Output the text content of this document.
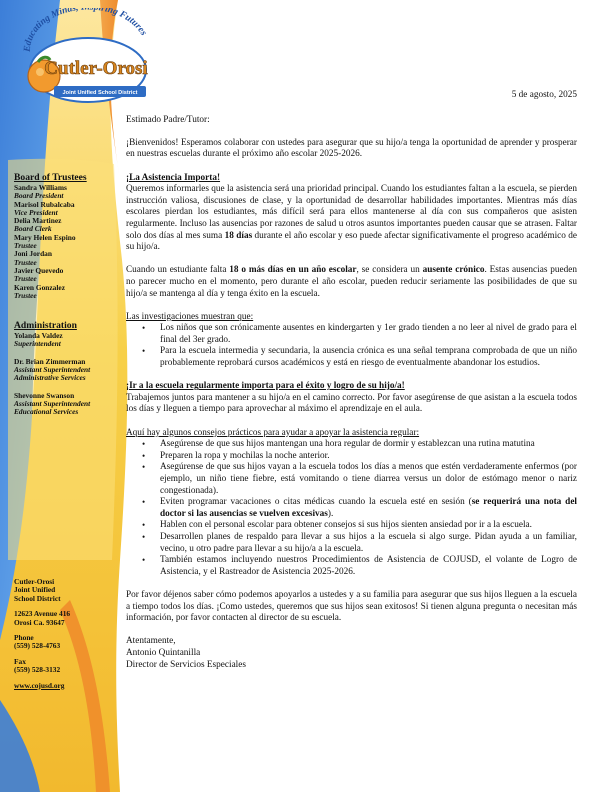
Educating Minds, iring Futures
Cutler-Orosi
Joint Unified School District
Board of Trustees
Sandra Williams
Board President
Marisol Rubalcaba
Vice President
Delia Martinez
Board Clerk
Mary Helen Espino
Trustee
Joni Jordan
Trustee
Javier Quevedo
Trustee
Karen Gonzalez
Trustee
Administration
Yolanda Valdez
Superintendent
Dr. Brian Zimmerman
Assistant Superintendent Administrative Services
Shevonne Swanson
Assistant Superintendent Educational Services
Cutler-Orosi
Joint Unified
School District
12623 Avenue 416
Orosi Ca. 93647
Phone
(559) 528-4763
Fax
(559) 528-3132
www.cojusd.org

5 de agosto, 2025

Estimado Padre/Tutor:

¡Bienvenidos! Esperamos colaborar con ustedes para asegurar que su hijo/a tenga la oportunidad de aprender y prosperar en nuestras escuelas durante el próximo año escolar 2025-2026.

¡La Asistencia Importa!

Queremos informarles que la asistencia será una prioridad principal. Cuando los estudiantes faltan a la escuela, se pierden instrucción valiosa, discusiones de clase, y la oportunidad de desarrollar habilidades importantes. Mientras más días escolares pierdan los estudiantes, más difícil será para ellos mantenerse al día con sus compañeros que asisten regularmente. Incluso las ausencias por razones de salud u otros asuntos importantes pueden causar que se atrasen. Faltar solo dos días al mes suma 18 días durante el año escolar y eso puede afectar significativamente el progreso académico de su hijo/a.

Cuando un estudiante falta 18 o más días en un año escolar, se considera un ausente crónico. Estas ausencias pueden no parecer mucho en el momento, pero durante el año escolar, pueden reducir seriamente las posibilidades de que su hijo/a se mantenga al día y tenga éxito en la escuela.

Las investigaciones muestran que:

• Los niños que son crónicamente ausentes en kindergarten y 1er grado tienden a no leer al nivel de grado para el final del 3er grado.
• Para la escuela intermedia y secundaria, la ausencia crónica es una señal temprana comprobada de que un niño probablemente reprobará cursos académicos y está en riesgo de eventualmente abandonar los estudios.

¡Ir a la escuela regularmente importa para el éxito y logro de su hijo/a!

Trabajemos juntos para mantener a su hijo/a en el camino correcto. Por favor asegúrense de que asistan a la escuela todos los días y lleguen a tiempo para aprovechar al máximo el aprendizaje en el aula.

Aquí hay algunos consejos prácticos para ayudar a apoyar la asistencia regular:

• Asegúrense de que sus hijos mantengan una hora regular de dormir y establezcan una rutina matutina
• Preparen la ropa y mochilas la noche anterior.
• Asegúrense de que sus hijos vayan a la escuela todos los días a menos que estén verdaderamente enfermos (por ejemplo, un niño tiene fiebre, está vomitando o tiene diarrea versus un dolor de estómago menor o nariz congestionada).
• Eviten programar vacaciones o citas médicas cuando la escuela esté en sesión (se requerirá una nota del doctor si las ausencias se vuelven excesivas).
• Hablen con el personal escolar para obtener consejos si sus hijos sienten ansiedad por ir a la escuela.
• Desarrollen planes de respaldo para llevar a sus hijos a la escuela si algo surge. Pidan ayuda a un familiar, vecino, u otro padre para llevar a su hijo/a a la escuela.
• También estamos incluyendo nuestros Procedimientos de Asistencia de COJUSD, el volante de Logro de Asistencia, y el Rastreador de Asistencia 2025-2026.

Por favor déjenos saber cómo podemos apoyarlos a ustedes y a su familia para asegurar que sus hijos lleguen a la escuela a tiempo todos los días. ¡Como ustedes, queremos que sus hijos sean exitosos! Si tienen alguna pregunta o necesitan más información, por favor contacten al director de su escuela.

Atentamente,

Antonio Quintanilla

Director de Servicios Especiales
